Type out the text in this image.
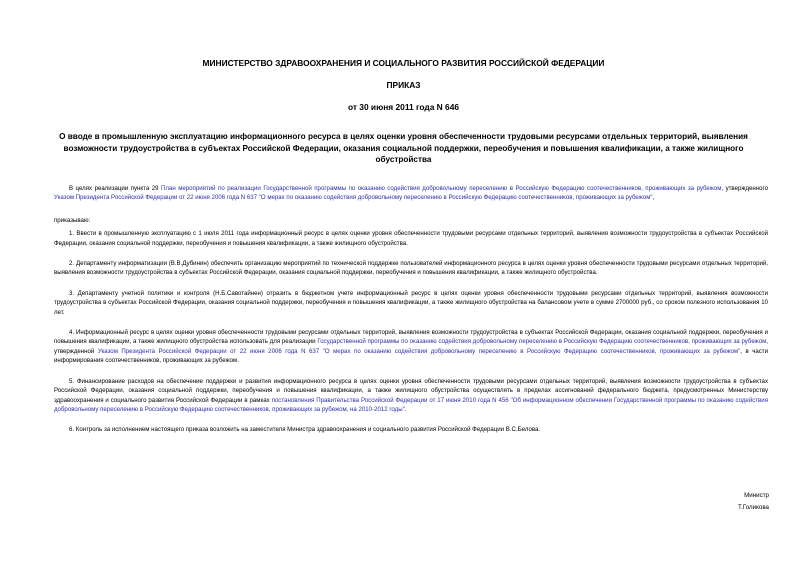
МИНИСТЕРСТВО ЗДРАВООХРАНЕНИЯ И СОЦИАЛЬНОГО РАЗВИТИЯ РОССИЙСКОЙ ФЕДЕРАЦИИ
ПРИКАЗ
от 30 июня 2011 года N 646
О вводе в промышленную эксплуатацию информационного ресурса в целях оценки уровня обеспеченности трудовыми ресурсами отдельных территорий, выявления возможности трудоустройства в субъектах Российской Федерации, оказания социальной поддержки, переобучения и повышения квалификации, а также жилищного обустройства

В целях реализации пункта 29 План мероприятий по реализации Государственной программы по оказанию содействия добровольному переселению в Российскую Федерацию соотечественников, проживающих за рубежом, утвержденного Указом Президента Российской Федерации от 22 июня 2006 года N 637 "О мерах по оказанию содействия добровольному переселению в Российскую Федерацию соотечественников, проживающих за рубежом",

приказываю:

1. Ввести в промышленную эксплуатацию с 1 июля 2011 года информационный ресурс в целях оценки уровня обеспеченности трудовыми ресурсами отдельных территорий, выявления возможности трудоустройства в субъектах Российской Федерации, оказания социальной поддержки, переобучения и повышения квалификации, а также жилищного обустройства.

2. Департаменту информатизации (В.В.Дубинин) обеспечить организацию мероприятий по технической поддержке пользователей информационного ресурса в целях оценки уровня обеспеченности трудовыми ресурсами отдельных территорий, выявления возможности трудоустройства в субъектах Российской Федерации, оказания социальной поддержки, переобучения и повышения квалификации, а также жилищного обустройства.

3. Департаменту учетной политики и контроля (Н.Б.Савотайнен) отразить в бюджетном учете информационный ресурс в целях оценки уровня обеспеченности трудовыми ресурсами отдельных территорий, выявления возможности трудоустройства в субъектах Российской Федерации, оказания социальной поддержки, переобучения и повышения квалификации, а также жилищного обустройства на балансовом учете в сумме 2700000 руб., со сроком полезного использования 10 лет.

4. Информационный ресурс в целях оценки уровня обеспеченности трудовыми ресурсами отдельных территорий, выявления возможности трудоустройства в субъектах Российской Федерации, оказания социальной поддержки, переобучения и повышения квалификации, а также жилищного обустройства использовать для реализации Государственной программы по оказанию содействия добровольному переселению в Российскую Федерацию соотечественников, проживающих за рубежом, утвержденной Указом Президента Российской Федерации от 22 июня 2006 года N 637 "О мерах по оказанию содействия добровольному переселению в Российскую Федерацию соотечественников, проживающих за рубежом", в части информирования соотечественников, проживающих за рубежом.

5. Финансирование расходов на обеспечение поддержки и развития информационного ресурса в целях оценки уровня обеспеченности трудовыми ресурсами отдельных территорий, выявления возможности трудоустройства в субъектах Российской Федерации, оказания социальной поддержки, переобучения и повышения квалификации, а также жилищного обустройства осуществлять в пределах ассигнований федерального бюджета, предусмотренных Министерству здравоохранения и социального развития Российской Федерации в рамках постановления Правительства Российской Федерации от 17 июня 2010 года N 456 "Об информационном обеспечении Государственной программы по оказанию содействия добровольному переселению в Российскую Федерацию соотечественников, проживающих за рубежом, на 2010-2012 годы".

6. Контроль за исполнением настоящего приказа возложить на заместителя Министра здравоохранения и социального развития Российской Федерации В.С.Белова.

Министр
Т.Голикова
